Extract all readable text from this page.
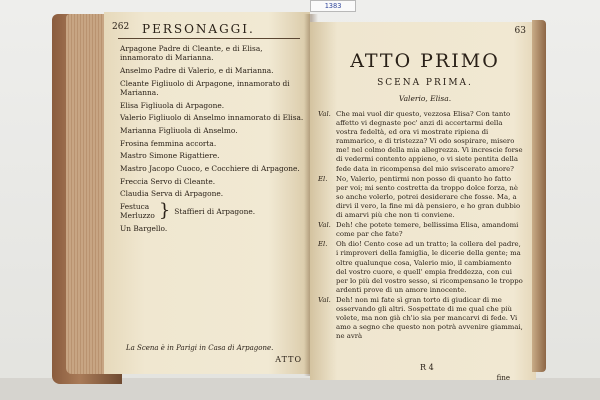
262 PERSONAGGI.
Arpagone Padre di Cleante, e di Elisa, innamorato di Marianna.
Anselmo Padre di Valerio, e di Marianna.
Cleante Figliuolo di Arpagone, innamorato di Marianna.
Elisa Figliuola di Arpagone.
Valerio Figliuolo di Anselmo innamorato di Elisa.
Marianna Figliuola di Anselmo.
Frosina femmina accorta.
Mastro Simone Rigattiere.
Mastro Jacopo Cuoco, e Cocchiere di Arpagone.
Freccia Servo di Cleante.
Claudia Serva di Arpagone.
Festuca
Merluzzo } Staffieri di Arpagone.
Un Bargello.
La Scena è in Parigi in Casa di Arpagone.
ATTO
63
ATTO PRIMO
SCENA PRIMA.
Valerio, Elisa.
Val. Che mai vuol dir questo, vezzosa Elisa? Con tanto affetto vi degnaste poc' anzi di accertarmi della vostra fedeltà, ed ora vi mostrate ripiena di rammarico, e di tristezza? Vi odo sospirare, misero me! nel colmo della mia allegrezza. Vi increscie forse di vedermi contento appieno, o vi siete pentita della fede data in ricompensa del mio sviscerato amore?
El.	No, Valerio, pentirmi non posso di quanto ho fatto per voi; mi sento costretta da troppo dolce forza, nè so anche volerlo, potrei desiderare che fosse. Ma, a dirvi il vero, la fine mi dà pensiero, e ho gran dubbio di amarvi più che non ti conviene.
Val. Deh! che potete temere, bellissima Elisa, amandomi come par che fate?
El.	Oh dio! Cento cose ad un tratto; la collera del padre, i rimproveri della famiglia, le dicerie della gente; ma oltre qualunque cosa, Valerio mio, il cambiamento del vostro cuore, e quell' empia freddezza, con cui per lo più del vostro sesso, si ricompensano le troppo ardenti prove di un amore innocente.
Val. Deh! non mi fate sì gran torto di giudicar di me osservando gli altri. Sospettate di me qual che più volete, ma non già ch'io sia per mancarvi di fede. Vi amo a segno che questo non potrà avvenire giammai, ne avrà
R 4
fine
1383
